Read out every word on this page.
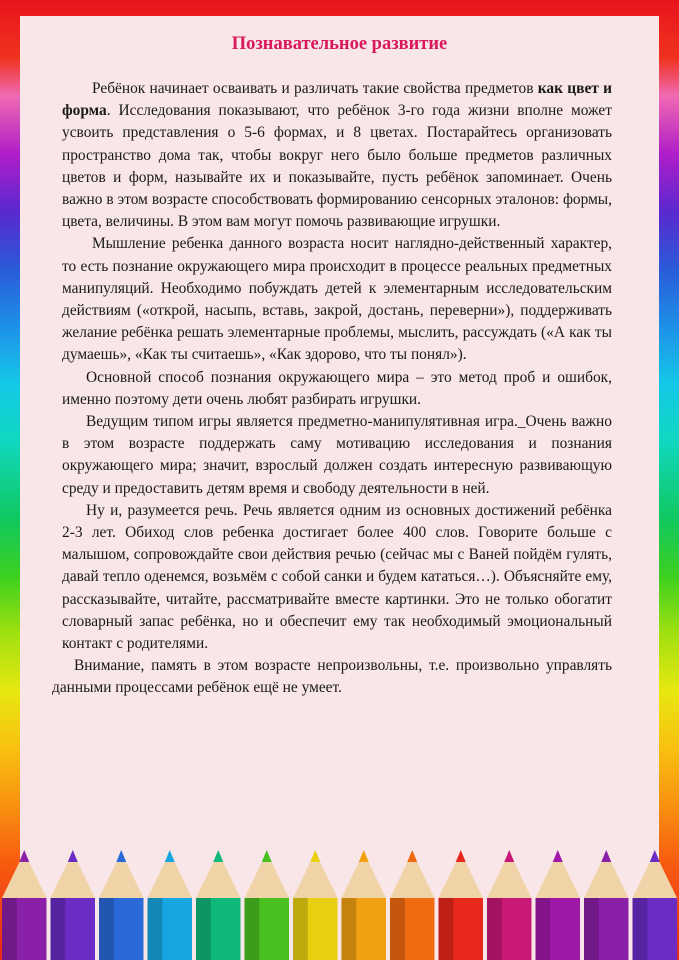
Познавательное развитие

Ребёнок начинает осваивать и различать такие свойства предметов как цвет и форма. Исследования показывают, что ребёнок 3-го года жизни вполне может усвоить представления о 5-6 формах, и 8 цветах. Постарайтесь организовать пространство дома так, чтобы вокруг него было больше предметов различных цветов и форм, называйте их и показывайте, пусть ребёнок запоминает. Очень важно в этом возрасте способствовать формированию сенсорных эталонов: формы, цвета, величины. В этом вам могут помочь развивающие игрушки.

Мышление ребенка данного возраста носит наглядно-действенный характер, то есть познание окружающего мира происходит в процессе реальных предметных манипуляций. Необходимо побуждать детей к элементарным исследовательским действиям («открой, насыпь, вставь, закрой, достань, переверни»), поддерживать желание ребёнка решать элементарные проблемы, мыслить, рассуждать («А как ты думаешь», «Как ты считаешь», «Как здорово, что ты понял»).

Основной способ познания окружающего мира – это метод проб и ошибок, именно поэтому дети очень любят разбирать игрушки.

Ведущим типом игры является предметно-манипулятивная игра._Очень важно в этом возрасте поддержать саму мотивацию исследования и познания окружающего мира; значит, взрослый должен создать интересную развивающую среду и предоставить детям время и свободу деятельности в ней.

Ну и, разумеется речь. Речь является одним из основных достижений ребёнка 2-3 лет. Обиход слов ребенка достигает более 400 слов. Говорите больше с малышом, сопровождайте свои действия речью (сейчас мы с Ваней пойдём гулять, давай тепло оденемся, возьмём с собой санки и будем кататься…). Объясняйте ему, рассказывайте, читайте, рассматривайте вместе картинки. Это не только обогатит словарный запас ребёнка, но и обеспечит ему так необходимый эмоциональный контакт с родителями.

Внимание, память в этом возрасте непроизвольны, т.е. произвольно управлять данными процессами ребёнок ещё не умеет.
